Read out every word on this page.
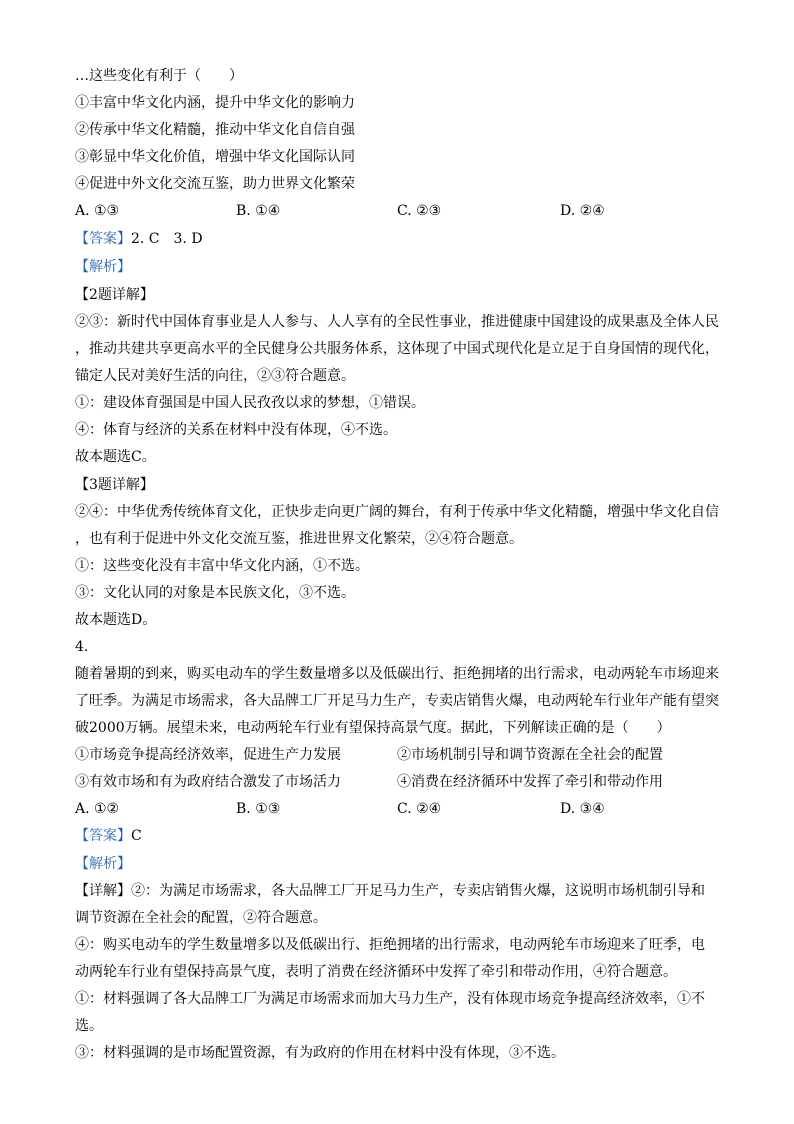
…这些变化有利于（　　）
①丰富中华文化内涵，提升中华文化的影响力
②传承中华文化精髓，推动中华文化自信自强
③彰显中华文化价值，增强中华文化国际认同
④促进中外文化交流互鉴，助力世界文化繁荣
A. ①③	B. ①④	C. ②③	D. ②④
【答案】2. C　3. D
【解析】
【2题详解】
②③：新时代中国体育事业是人人参与、人人享有的全民性事业，推进健康中国建设的成果惠及全体人民
，推动共建共享更高水平的全民健身公共服务体系，这体现了中国式现代化是立足于自身国情的现代化，
锚定人民对美好生活的向往，②③符合题意。
①：建设体育强国是中国人民孜孜以求的梦想，①错误。
④：体育与经济的关系在材料中没有体现，④不选。
故本题选C。
【3题详解】
②④：中华优秀传统体育文化，正快步走向更广阔的舞台，有利于传承中华文化精髓，增强中华文化自信
，也有利于促进中外文化交流互鉴，推进世界文化繁荣，②④符合题意。
①：这些变化没有丰富中华文化内涵，①不选。
③：文化认同的对象是本民族文化，③不选。
故本题选D。
4.
随着暑期的到来，购买电动车的学生数量增多以及低碳出行、拒绝拥堵的出行需求，电动两轮车市场迎来
了旺季。为满足市场需求，各大品牌工厂开足马力生产，专卖店销售火爆，电动两轮车行业年产能有望突
破2000万辆。展望未来，电动两轮车行业有望保持高景气度。据此，下列解读正确的是（　　）
①市场竞争提高经济效率，促进生产力发展	②市场机制引导和调节资源在全社会的配置
③有效市场和有为政府结合激发了市场活力	④消费在经济循环中发挥了牵引和带动作用
A. ①②	B. ①③	C. ②④	D. ③④
【答案】C
【解析】
【详解】②：为满足市场需求，各大品牌工厂开足马力生产，专卖店销售火爆，这说明市场机制引导和
调节资源在全社会的配置，②符合题意。
④：购买电动车的学生数量增多以及低碳出行、拒绝拥堵的出行需求，电动两轮车市场迎来了旺季，电
动两轮车行业有望保持高景气度，表明了消费在经济循环中发挥了牵引和带动作用，④符合题意。
①：材料强调了各大品牌工厂为满足市场需求而加大马力生产，没有体现市场竞争提高经济效率，①不
选。
③：材料强调的是市场配置资源，有为政府的作用在材料中没有体现，③不选。
